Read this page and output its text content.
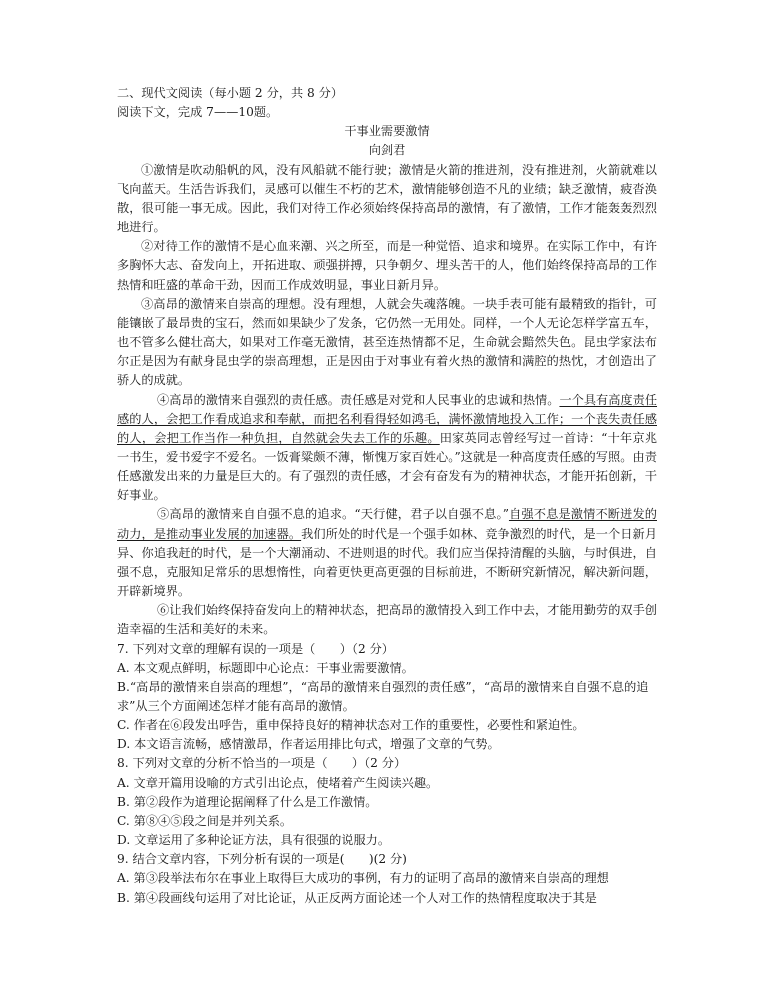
二、现代文阅读（每小题 2 分，共 8 分）
阅读下文，完成 7——10题。
干事业需要激情
向剑君
①激情是吹动船帆的风，没有风船就不能行驶；激情是火箭的推进剂，没有推进剂，火箭就难以飞向蓝天。生活告诉我们，灵感可以催生不朽的艺术，激情能够创造不凡的业绩；缺乏激情，疲沓涣散，很可能一事无成。因此，我们对待工作必须始终保持高昂的激情，有了激情，工作才能轰轰烈烈地进行。
②对待工作的激情不是心血来潮、兴之所至，而是一种觉悟、追求和境界。在实际工作中，有许多胸怀大志、奋发向上，开拓进取、顽强拼搏，只争朝夕、埋头苦干的人，他们始终保持高昂的工作热情和旺盛的革命干劲，因而工作成效明显，事业日新月异。
③高昂的激情来自崇高的理想。没有理想，人就会失魂落魄。一块手表可能有最精致的指针，可能镶嵌了最昂贵的宝石，然而如果缺少了发条，它仍然一无用处。同样，一个人无论怎样学富五车，也不管多么健壮高大，如果对工作毫无激情，甚至连热情都不足，生命就会黯然失色。昆虫学家法布尔正是因为有献身昆虫学的崇高理想，正是因由于对事业有着火热的激情和满腔的热忱，才创造出了骄人的成就。
④高昂的激情来自强烈的责任感。责任感是对党和人民事业的忠诚和热情。一个具有高度责任感的人，会把工作看成追求和奉献，而把名利看得轻如鸿毛，满怀激情地投入工作；一个丧失责任感的人，会把工作当作一种负担，自然就会失去工作的乐趣。田家英同志曾经写过一首诗：“十年京兆一书生，爱书爱字不爱名。一饭膏粱颇不薄，惭愧万家百姓心。”这就是一种高度责任感的写照。由责任感激发出来的力量是巨大的。有了强烈的责任感，才会有奋发有为的精神状态，才能开拓创新，干好事业。
⑤高昂的激情来自自强不息的追求。“天行健，君子以自强不息。”自强不息是激情不断迸发的动力，是推动事业发展的加速器。我们所处的时代是一个强手如林、竞争激烈的时代，是一个日新月异、你追我赶的时代，是一个大潮涌动、不进则退的时代。我们应当保持清醒的头脑，与时俱进，自强不息，克服知足常乐的思想惰性，向着更快更高更强的目标前进，不断研究新情况，解决新问题，开辟新境界。
⑥让我们始终保持奋发向上的精神状态，把高昂的激情投入到工作中去，才能用勤劳的双手创造幸福的生活和美好的未来。
7. 下列对文章的理解有误的一项是（　　）（2 分）
A. 本文观点鲜明，标题即中心论点：干事业需要激情。
B.“高昂的激情来自崇高的理想”，“高昂的激情来自强烈的责任感”，“高昂的激情来自自强不息的追求”从三个方面阐述怎样才能有高昂的激情。
C. 作者在⑥段发出呼告，重申保持良好的精神状态对工作的重要性，必要性和紧迫性。
D. 本文语言流畅，感情激昂，作者运用排比句式，增强了文章的气势。
8. 下列对文章的分析不恰当的一项是（　　）（2 分）
A. 文章开篇用设喻的方式引出论点，使堵着产生阅读兴趣。
B. 第②段作为道理论据阐释了什么是工作激情。
C. 第⑧④⑤段之间是并列关系。
D. 文章运用了多种论证方法，具有很强的说服力。
9. 结合文章内容，下列分析有误的一项是(　　)(2 分)
A. 第③段举法布尔在事业上取得巨大成功的事例，有力的证明了高昂的激情来自崇高的理想
B. 第④段画线句运用了对比论证，从正反两方面论述一个人对工作的热情程度取决于其是
